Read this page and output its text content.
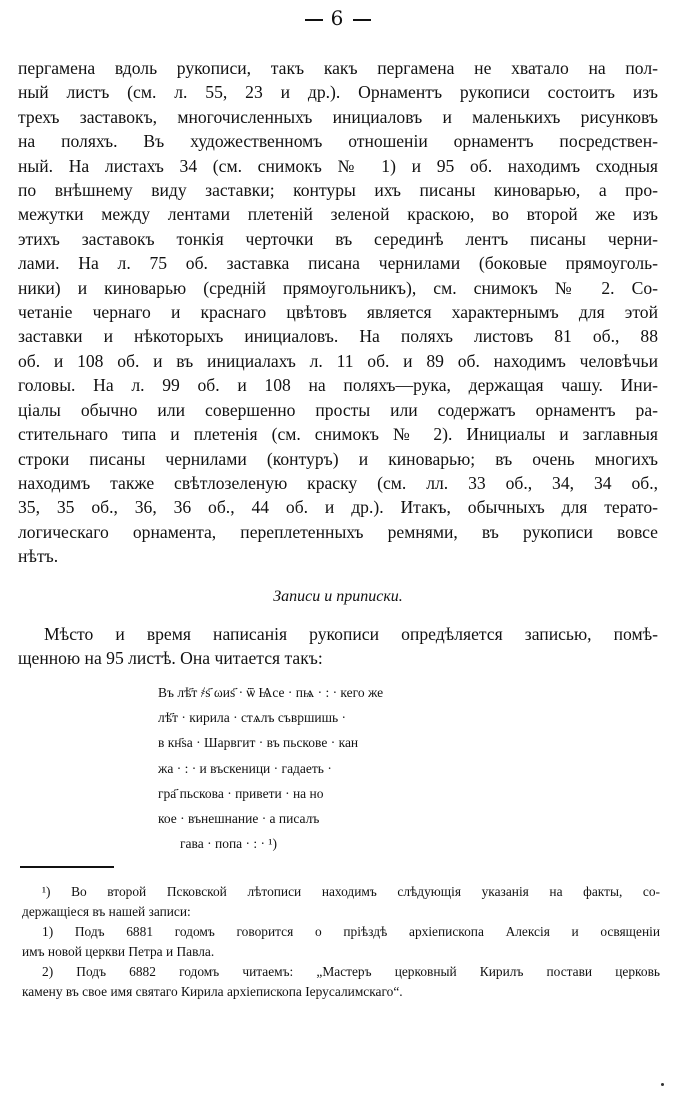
6
пергамена вдоль рукописи, такъ какъ пергамена не хватало на пол-
ный листъ (см. л. 55, 23 и др.). Орнаментъ рукописи состоитъ изъ
трехъ заставокъ, многочисленныхъ инициаловъ и маленькихъ рисунковъ
на поляхъ. Въ художественномъ отношеніи орнаментъ посредствен-
ный. На листахъ 34 (см. снимокъ № 1) и 95 об. находимъ сходныя
по внѣшнему виду заставки; контуры ихъ писаны киноварью, а про-
межутки между лентами плетеній зеленой краскою, во второй же изъ
этихъ заставокъ тонкія черточки въ серединѣ лентъ писаны черни-
лами. На л. 75 об. заставка писана чернилами (боковые прямоуголь-
ники) и киноварью (средній прямоугольникъ), см. снимокъ № 2. Со-
четаніе чернаго и краснаго цвѣтовъ является характернымъ для этой
заставки и нѣкоторыхъ инициаловъ. На поляхъ листовъ 81 об., 88
об. и 108 об. и въ инициалахъ л. 11 об. и 89 об. находимъ человѣчьи
головы. На л. 99 об. и 108 на поляхъ—рука, держащая чашу. Ини-
ціалы обычно или совершенно просты или содержатъ орнаментъ ра-
стительнаго типа и плетенія (см. снимокъ № 2). Инициалы и заглавныя
строки писаны чернилами (контуръ) и киноварью; въ очень многихъ
находимъ также свѣтлозеленую краску (см. лл. 33 об., 34, 34 об.,
35, 35 об., 36, 36 об., 44 об. и др.). Итакъ, обычныхъ для терато-
логическаго орнамента, переплетенныхъ ремнями, въ рукописи вовсе
нѣтъ.
Записи и приписки.
Мѣсто и время написанія рукописи опредѣляется записью, помѣ-
щенною на 95 листѣ. Она читается такъ:
Въ лѣ҃т ҂ѕ҃ ωиѕ҃ · ѿ Ѩсе · пѩ · : · кего же
лѣ҃т · кирила · стѧлъ съвршишь ·
в кн҃ѕа · Шарвгит · въ пьскове · кан
жа · : · и въскеници · гадаеть ·
гра҃ пьскова · привети · на но
кое · вънешнание · а писалъ
гава · попа · : · ¹)
¹) Во второй Псковской лѣтописи находимъ слѣдующія указанія на факты, со-
держащіеся въ нашей записи:
1) Подъ 6881 годомъ говорится о пріѣздѣ архіепископа Алексія и освященіи
имъ новой церкви Петра и Павла.
2) Подъ 6882 годомъ читаемъ: „Мастеръ церковный Кирилъ постави церковь
камену въ свое имя святаго Кирила архіепископа Іерусалимскаго“.
